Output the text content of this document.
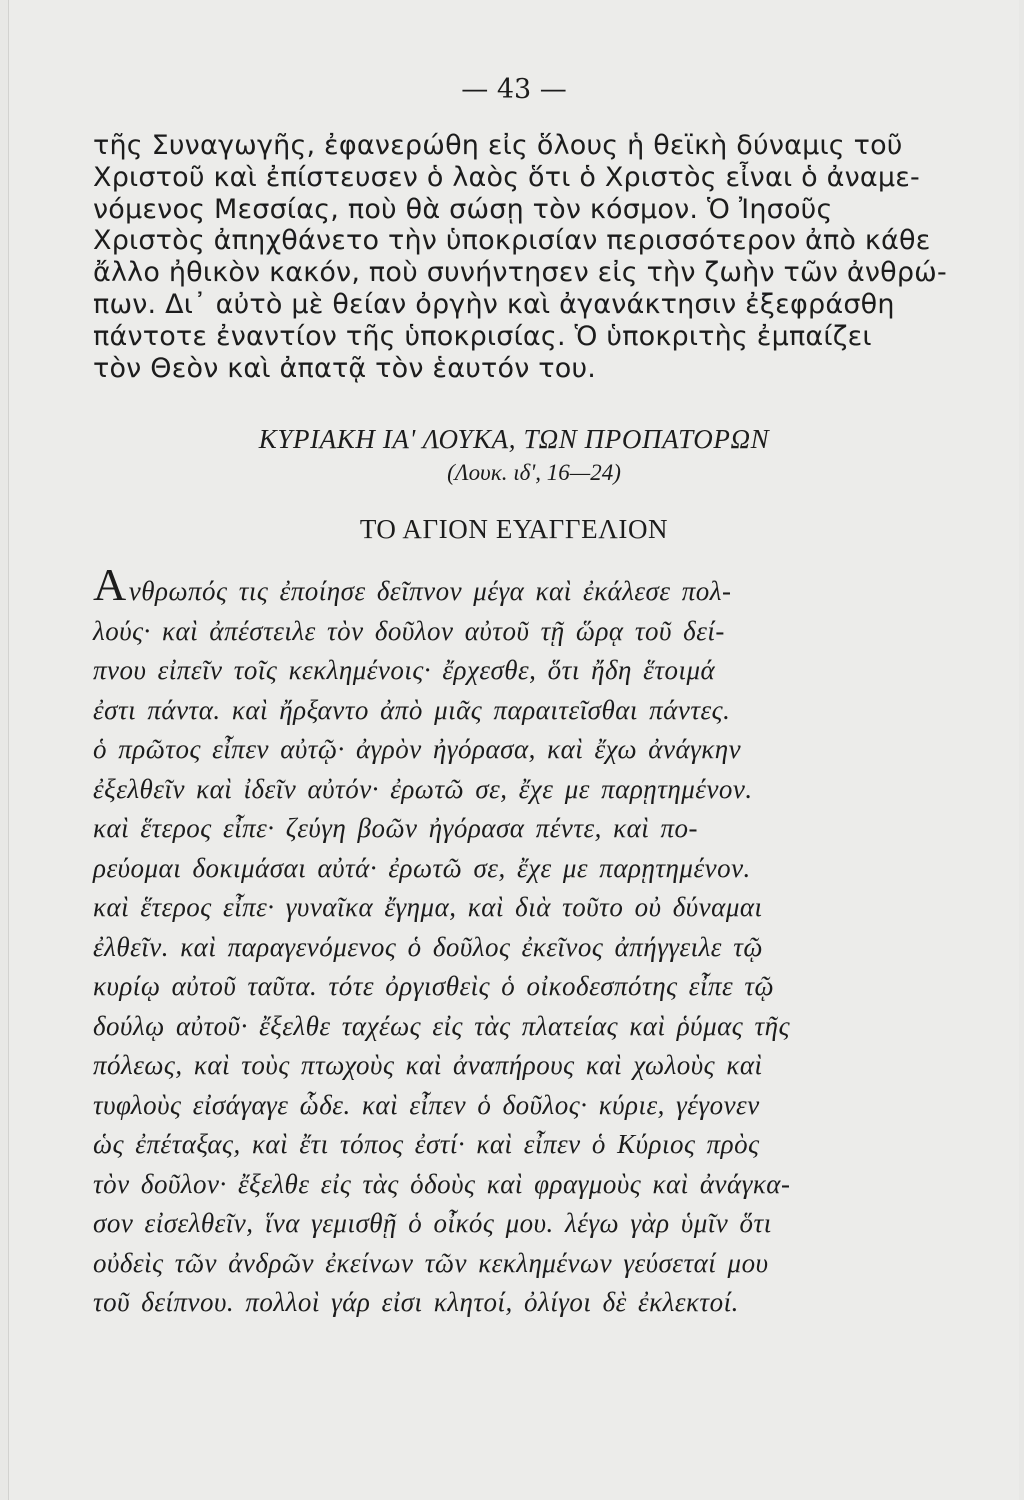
— 43 —
τῆς Συναγωγῆς, ἐφανερώθη εἰς ὅλους ἡ θεϊκὴ δύναμις τοῦ
Χριστοῦ καὶ ἐπίστευσεν ὁ λαὸς ὅτι ὁ Χριστὸς εἶναι ὁ ἀναμε-
νόμενος Μεσσίας, ποὺ θὰ σώσῃ τὸν κόσμον. Ὁ Ἰησοῦς
Χριστὸς ἀπηχθάνετο τὴν ὑποκρισίαν περισσότερον ἀπὸ κάθε
ἄλλο ἠθικὸν κακόν, ποὺ συνήντησεν εἰς τὴν ζωὴν τῶν ἀνθρώ-
πων. Δι᾿ αὐτὸ μὲ θείαν ὀργὴν καὶ ἀγανάκτησιν ἐξεφράσθη
πάντοτε ἐναντίον τῆς ὑποκρισίας. Ὁ ὑποκριτὴς ἐμπαίζει
τὸν Θεὸν καὶ ἀπατᾷ τὸν ἑαυτόν του.
ΚΥΡΙΑΚΗ ΙΑ' ΛΟΥΚΑ, ΤΩΝ ΠΡΟΠΑΤΟΡΩΝ
(Λουκ. ιδ', 16—24)
ΤΟ ΑΓΙΟΝ ΕΥΑΓΓΕΛΙΟΝ
Α νθρωπός τις ἐποίησε δεῖπνον μέγα καὶ ἐκάλεσε πολ-
λούς· καὶ ἀπέστειλε τὸν δοῦλον αὐτοῦ τῇ ὥρᾳ τοῦ δεί-
πνου εἰπεῖν τοῖς κεκλημένοις· ἔρχεσθε, ὅτι ἤδη ἕτοιμά
ἐστι πάντα. καὶ ἤρξαντο ἀπὸ μιᾶς παραιτεῖσθαι πάντες.
ὁ πρῶτος εἶπεν αὐτῷ· ἀγρὸν ἠγόρασα, καὶ ἔχω ἀνάγκην
ἐξελθεῖν καὶ ἰδεῖν αὐτόν· ἐρωτῶ σε, ἔχε με παρῃτημένον.
καὶ ἕτερος εἶπε· ζεύγη βοῶν ἠγόρασα πέντε, καὶ πο-
ρεύομαι δοκιμάσαι αὐτά· ἐρωτῶ σε, ἔχε με παρῃτημένον.
καὶ ἕτερος εἶπε· γυναῖκα ἔγημα, καὶ διὰ τοῦτο οὐ δύναμαι
ἐλθεῖν. καὶ παραγενόμενος ὁ δοῦλος ἐκεῖνος ἀπήγγειλε τῷ
κυρίῳ αὐτοῦ ταῦτα. τότε ὀργισθεὶς ὁ οἰκοδεσπότης εἶπε τῷ
δούλῳ αὐτοῦ· ἔξελθε ταχέως εἰς τὰς πλατείας καὶ ῥύμας τῆς
πόλεως, καὶ τοὺς πτωχοὺς καὶ ἀναπήρους καὶ χωλοὺς καὶ
τυφλοὺς εἰσάγαγε ὧδε. καὶ εἶπεν ὁ δοῦλος· κύριε, γέγονεν
ὡς ἐπέταξας, καὶ ἔτι τόπος ἐστί· καὶ εἶπεν ὁ Κύριος πρὸς
τὸν δοῦλον· ἔξελθε εἰς τὰς ὁδοὺς καὶ φραγμοὺς καὶ ἀνάγκα-
σον εἰσελθεῖν, ἵνα γεμισθῇ ὁ οἶκός μου. λέγω γὰρ ὑμῖν ὅτι
οὐδεὶς τῶν ἀνδρῶν ἐκείνων τῶν κεκλημένων γεύσεταί μου
τοῦ δείπνου. πολλοὶ γάρ εἰσι κλητοί, ὀλίγοι δὲ ἐκλεκτοί.
